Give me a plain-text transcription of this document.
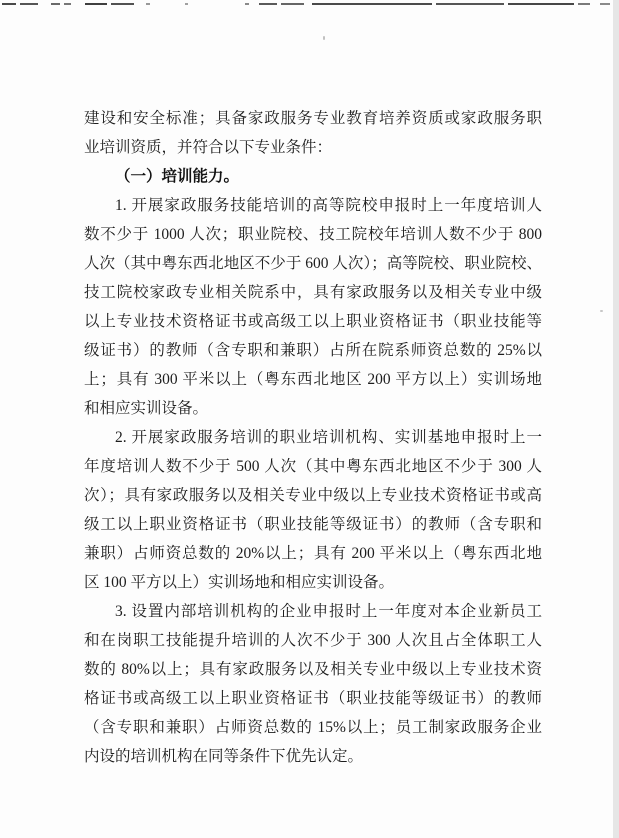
建设和安全标准；具备家政服务专业教育培养资质或家政服务职
业培训资质，并符合以下专业条件：
（一）培训能力。
1. 开展家政服务技能培训的高等院校申报时上一年度培训人
数不少于 1000 人次；职业院校、技工院校年培训人数不少于 800
人次（其中粤东西北地区不少于 600 人次）；高等院校、职业院校、
技工院校家政专业相关院系中，具有家政服务以及相关专业中级
以上专业技术资格证书或高级工以上职业资格证书（职业技能等
级证书）的教师（含专职和兼职）占所在院系师资总数的 25%以
上；具有 300 平米以上（粤东西北地区 200 平方以上）实训场地
和相应实训设备。
2. 开展家政服务培训的职业培训机构、实训基地申报时上一
年度培训人数不少于 500 人次（其中粤东西北地区不少于 300 人
次）；具有家政服务以及相关专业中级以上专业技术资格证书或高
级工以上职业资格证书（职业技能等级证书）的教师（含专职和
兼职）占师资总数的 20%以上；具有 200 平米以上（粤东西北地
区 100 平方以上）实训场地和相应实训设备。
3. 设置内部培训机构的企业申报时上一年度对本企业新员工
和在岗职工技能提升培训的人次不少于 300 人次且占全体职工人
数的 80%以上；具有家政服务以及相关专业中级以上专业技术资
格证书或高级工以上职业资格证书（职业技能等级证书）的教师
（含专职和兼职）占师资总数的 15%以上；员工制家政服务企业
内设的培训机构在同等条件下优先认定。
